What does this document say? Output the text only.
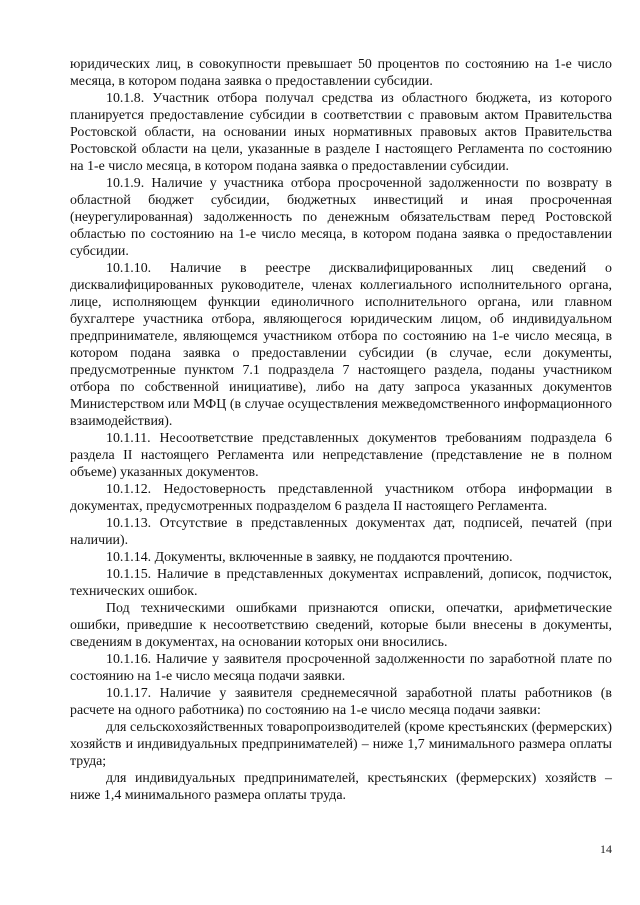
юридических лиц, в совокупности превышает 50 процентов по состоянию на 1-е число месяца, в котором подана заявка о предоставлении субсидии.

10.1.8. Участник отбора получал средства из областного бюджета, из которого планируется предоставление субсидии в соответствии с правовым актом Правительства Ростовской области, на основании иных нормативных правовых актов Правительства Ростовской области на цели, указанные в разделе I настоящего Регламента по состоянию на 1-е число месяца, в котором подана заявка о предоставлении субсидии.

10.1.9. Наличие у участника отбора просроченной задолженности по возврату в областной бюджет субсидии, бюджетных инвестиций и иная просроченная (неурегулированная) задолженность по денежным обязательствам перед Ростовской областью по состоянию на 1-е число месяца, в котором подана заявка о предоставлении субсидии.

10.1.10. Наличие в реестре дисквалифицированных лиц сведений о дисквалифицированных руководителе, членах коллегиального исполнительного органа, лице, исполняющем функции единоличного исполнительного органа, или главном бухгалтере участника отбора, являющегося юридическим лицом, об индивидуальном предпринимателе, являющемся участником отбора по состоянию на 1-е число месяца, в котором подана заявка о предоставлении субсидии (в случае, если документы, предусмотренные пунктом 7.1 подраздела 7 настоящего раздела, поданы участником отбора по собственной инициативе), либо на дату запроса указанных документов Министерством или МФЦ (в случае осуществления межведомственного информационного взаимодействия).

10.1.11. Несоответствие представленных документов требованиям подраздела 6 раздела II настоящего Регламента или непредставление (представление не в полном объеме) указанных документов.

10.1.12. Недостоверность представленной участником отбора информации в документах, предусмотренных подразделом 6 раздела II настоящего Регламента.

10.1.13. Отсутствие в представленных документах дат, подписей, печатей (при наличии).

10.1.14. Документы, включенные в заявку, не поддаются прочтению.

10.1.15. Наличие в представленных документах исправлений, дописок, подчисток, технических ошибок.

Под техническими ошибками признаются описки, опечатки, арифметические ошибки, приведшие к несоответствию сведений, которые были внесены в документы, сведениям в документах, на основании которых они вносились.

10.1.16. Наличие у заявителя просроченной задолженности по заработной плате по состоянию на 1-е число месяца подачи заявки.

10.1.17. Наличие у заявителя среднемесячной заработной платы работников (в расчете на одного работника) по состоянию на 1-е число месяца подачи заявки:

для сельскохозяйственных товаропроизводителей (кроме крестьянских (фермерских) хозяйств и индивидуальных предпринимателей) – ниже 1,7 минимального размера оплаты труда;

для индивидуальных предпринимателей, крестьянских (фермерских) хозяйств – ниже 1,4 минимального размера оплаты труда.

14
